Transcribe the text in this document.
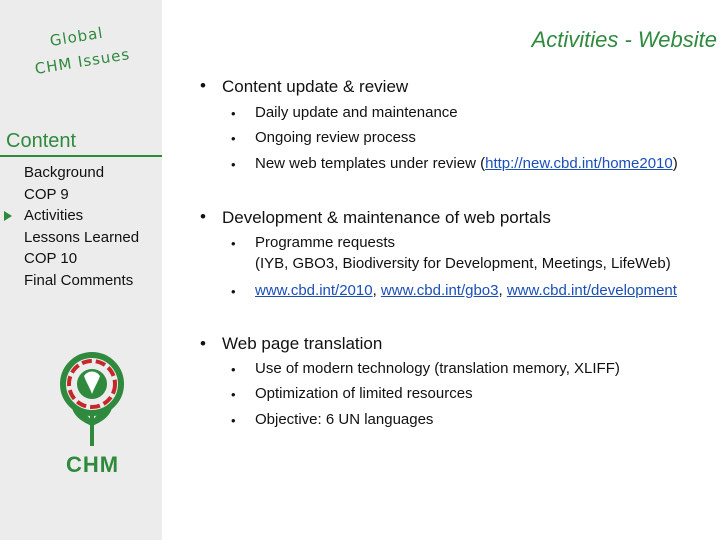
Global
CHM Issues
Content
Background
COP 9
Activities
Lessons Learned
COP 10
Final Comments
CHM
Activities - Website
• Content update & review
• Daily update and maintenance
• Ongoing review process
• New web templates under review (http://new.cbd.int/home2010)
• Development & maintenance of web portals
• Programme requests
(IYB, GBO3, Biodiversity for Development, Meetings, LifeWeb)
• www.cbd.int/2010, www.cbd.int/gbo3, www.cbd.int/development
• Web page translation
• Use of modern technology (translation memory, XLIFF)
• Optimization of limited resources
• Objective: 6 UN languages
